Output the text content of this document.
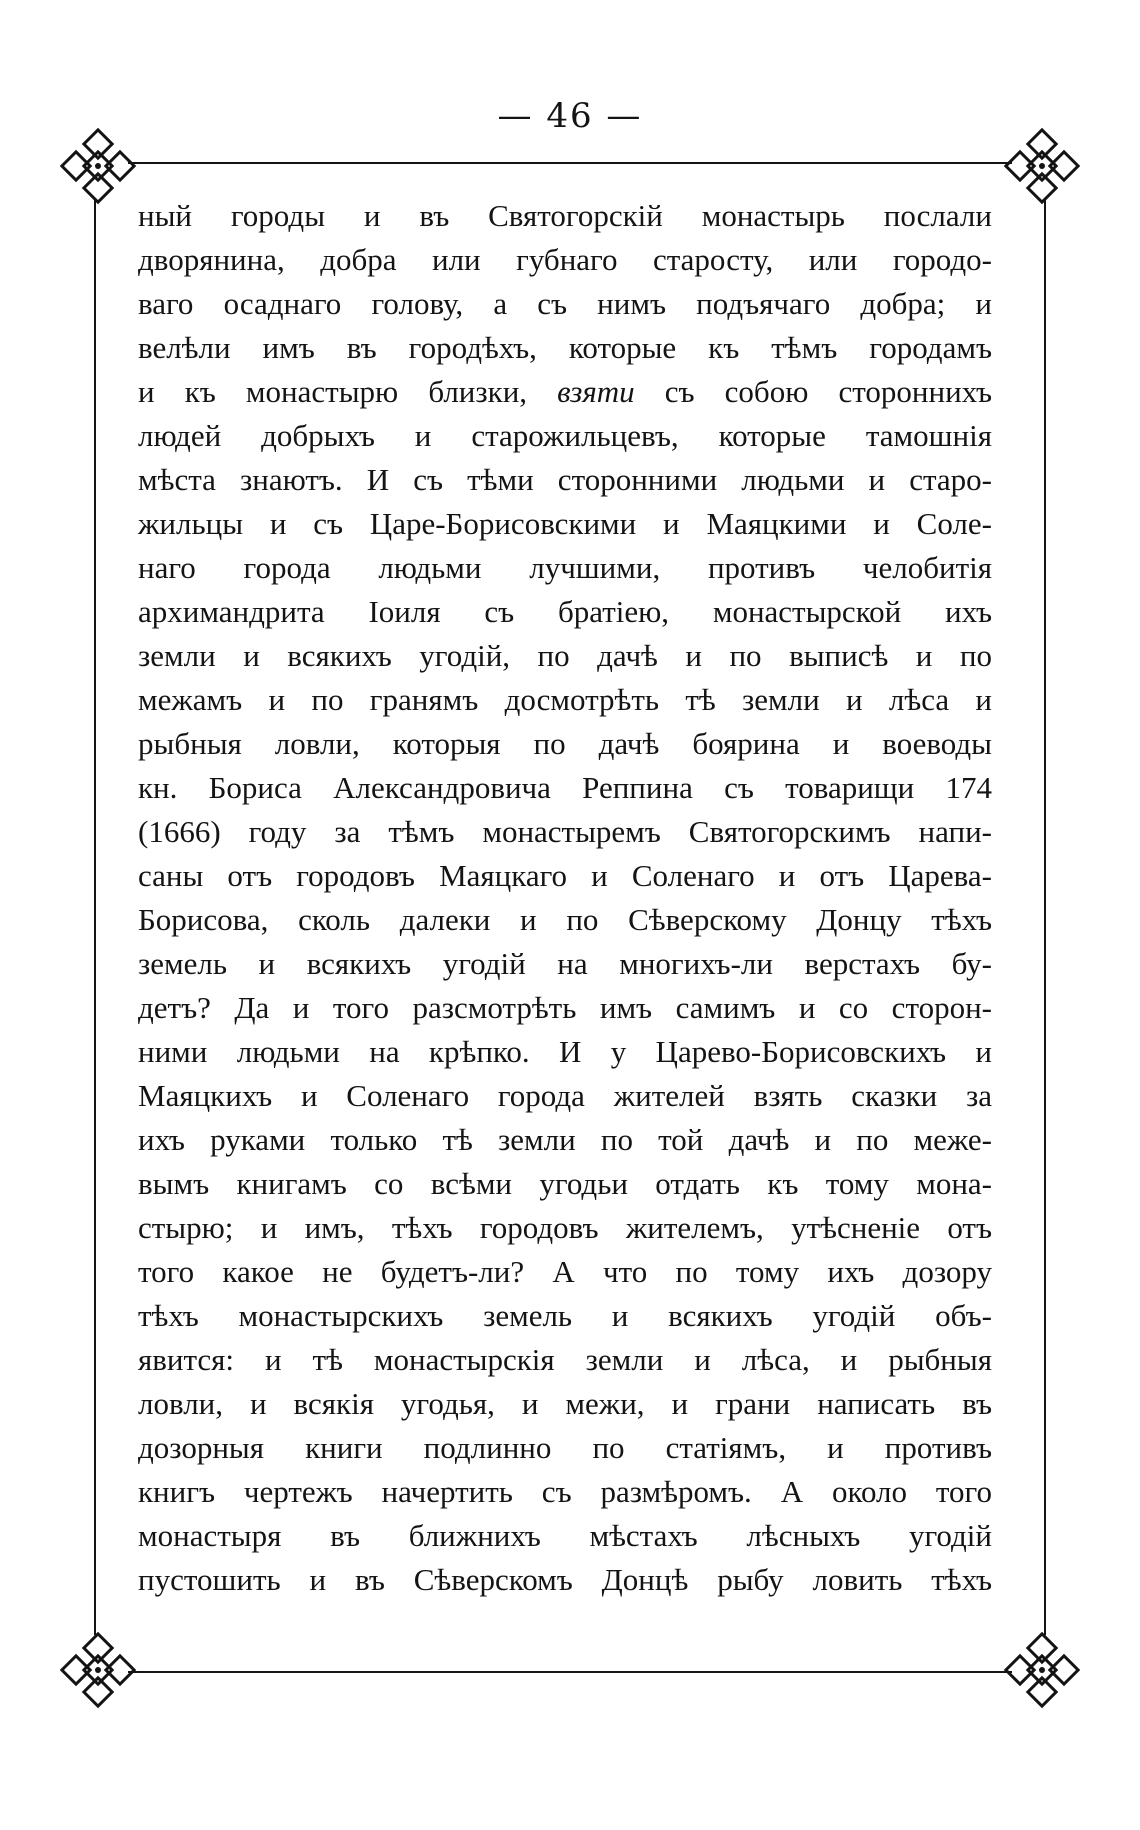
— 46 —
ный городы и въ Святогорскій монастырь послали
дворянина, добра или губнаго старосту, или городо-
ваго осаднаго голову, а съ нимъ подъячаго добра; и
велѣли имъ въ городѣхъ, которые къ тѣмъ городамъ
и къ монастырю близки, взяти съ собою стороннихъ
людей добрыхъ и старожильцевъ, которые тамошнія
мѣста знаютъ. И съ тѣми сторонними людьми и старо-
жильцы и съ Царе-Борисовскими и Маяцкими и Соле-
наго города людьми лучшими, противъ челобитія
архимандрита Іоиля съ братіею, монастырской ихъ
земли и всякихъ угодій, по дачѣ и по выписѣ и по
межамъ и по гранямъ досмотрѣть тѣ земли и лѣса и
рыбныя ловли, которыя по дачѣ боярина и воеводы
кн. Бориса Александровича Реппина съ товарищи 174
(1666) году за тѣмъ монастыремъ Святогорскимъ напи-
саны отъ городовъ Маяцкаго и Соленаго и отъ Царева-
Борисова, сколь далеки и по Сѣверскому Донцу тѣхъ
земель и всякихъ угодій на многихъ-ли верстахъ бу-
детъ? Да и того разсмотрѣть имъ самимъ и со сторон-
ними людьми на крѣпко. И у Царево-Борисовскихъ и
Маяцкихъ и Соленаго города жителей взять сказки за
ихъ руками только тѣ земли по той дачѣ и по меже-
вымъ книгамъ со всѣми угодьи отдать къ тому мона-
стырю; и имъ, тѣхъ городовъ жителемъ, утѣсненіе отъ
того какое не будетъ-ли? А что по тому ихъ дозору
тѣхъ монастырскихъ земель и всякихъ угодій объ-
явится: и тѣ монастырскія земли и лѣса, и рыбныя
ловли, и всякія угодья, и межи, и грани написать въ
дозорныя книги подлинно по статіямъ, и противъ
книгъ чертежъ начертить съ размѣромъ. А около того
монастыря въ ближнихъ мѣстахъ лѣсныхъ угодій
пустошить и въ Сѣверскомъ Донцѣ рыбу ловить тѣхъ
